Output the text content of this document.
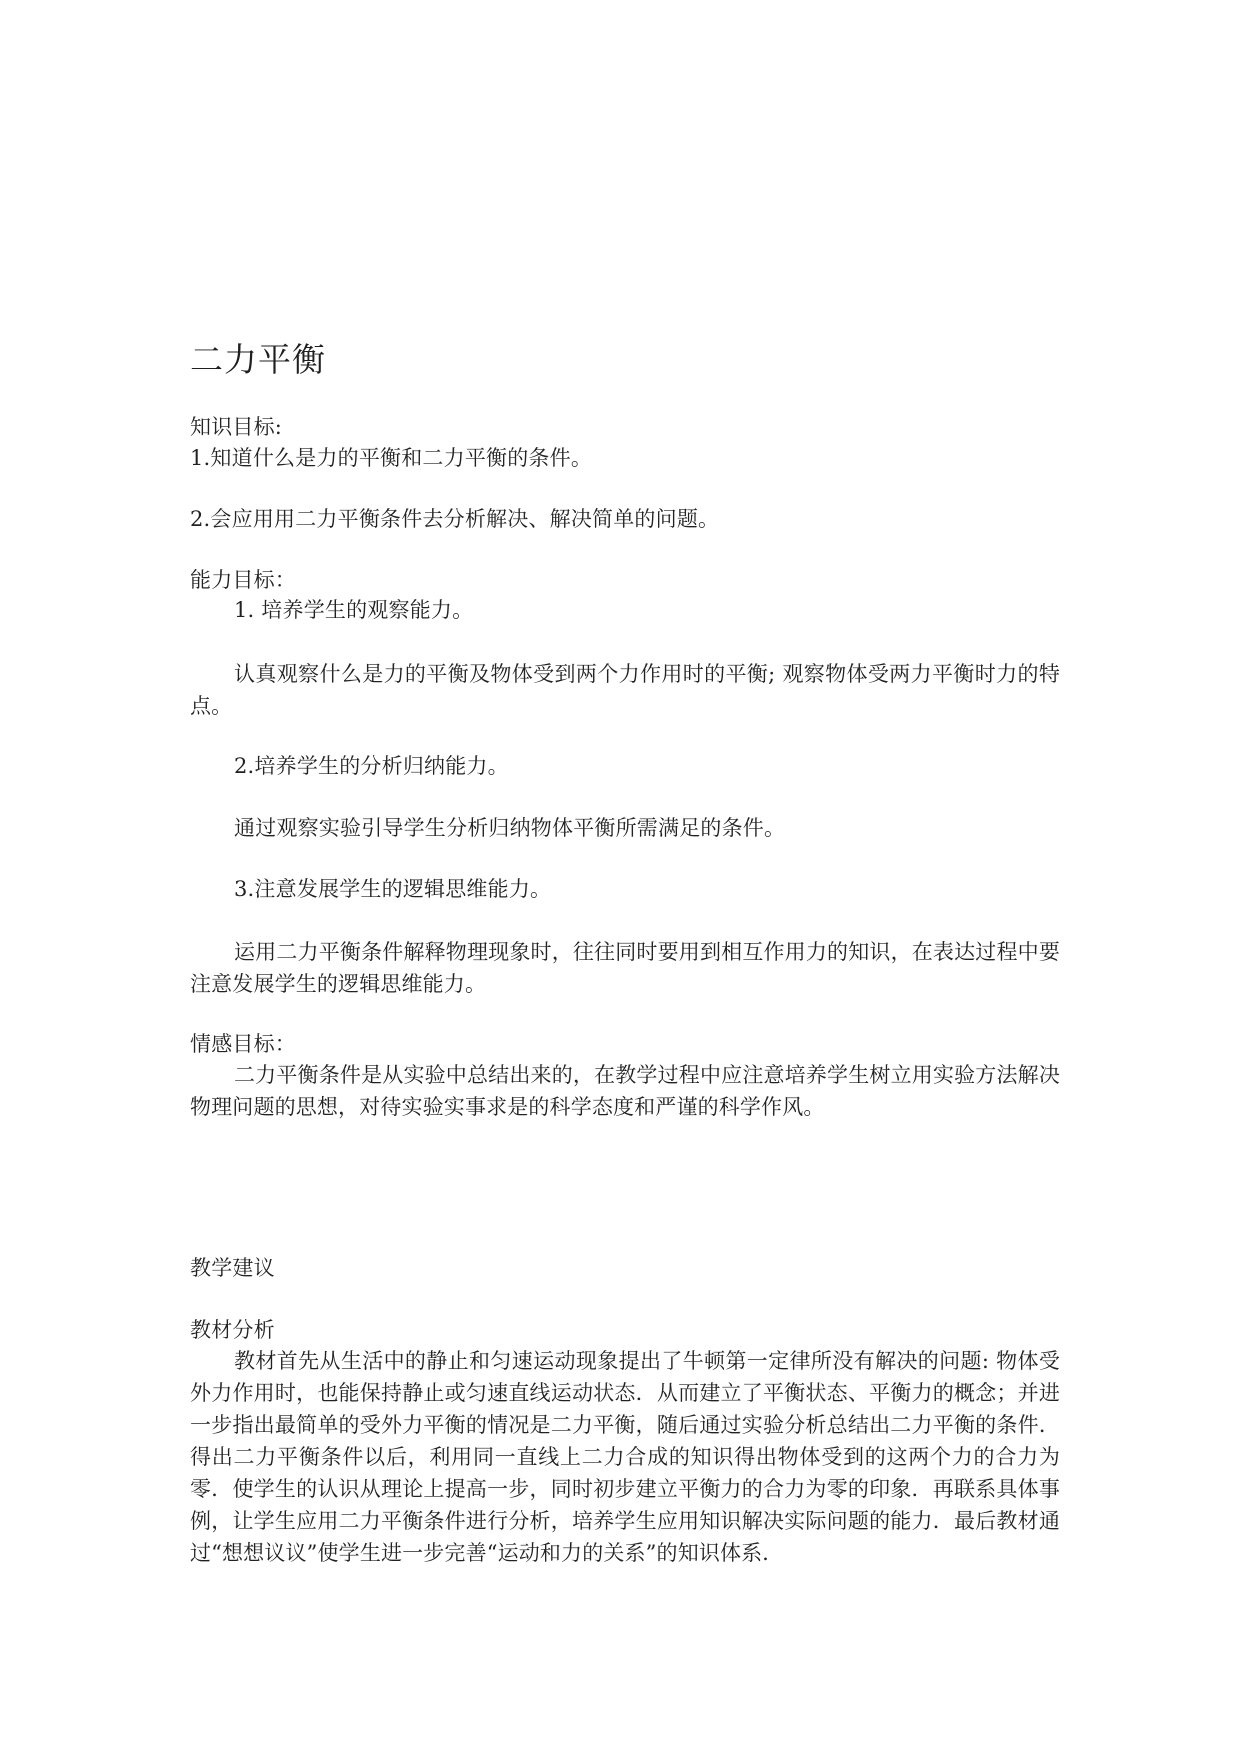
二力平衡
知识目标:
1.知道什么是力的平衡和二力平衡的条件。
2.会应用用二力平衡条件去分析解决、解决简单的问题。
能力目标：
1. 培养学生的观察能力。
认真观察什么是力的平衡及物体受到两个力作用时的平衡; 观察物体受两力平衡时力的特点。
2.培养学生的分析归纳能力。
通过观察实验引导学生分析归纳物体平衡所需满足的条件。
3.注意发展学生的逻辑思维能力。
运用二力平衡条件解释物理现象时，往往同时要用到相互作用力的知识，在表达过程中要注意发展学生的逻辑思维能力。
情感目标：
二力平衡条件是从实验中总结出来的，在教学过程中应注意培养学生树立用实验方法解决物理问题的思想，对待实验实事求是的科学态度和严谨的科学作风。
教学建议
教材分析
教材首先从生活中的静止和匀速运动现象提出了牛顿第一定律所没有解决的问题: 物体受外力作用时，也能保持静止或匀速直线运动状态．从而建立了平衡状态、平衡力的概念；并进一步指出最简单的受外力平衡的情况是二力平衡，随后通过实验分析总结出二力平衡的条件．得出二力平衡条件以后，利用同一直线上二力合成的知识得出物体受到的这两个力的合力为零．使学生的认识从理论上提高一步，同时初步建立平衡力的合力为零的印象．再联系具体事例，让学生应用二力平衡条件进行分析，培养学生应用知识解决实际问题的能力．最后教材通过“想想议议”使学生进一步完善“运动和力的关系”的知识体系．
